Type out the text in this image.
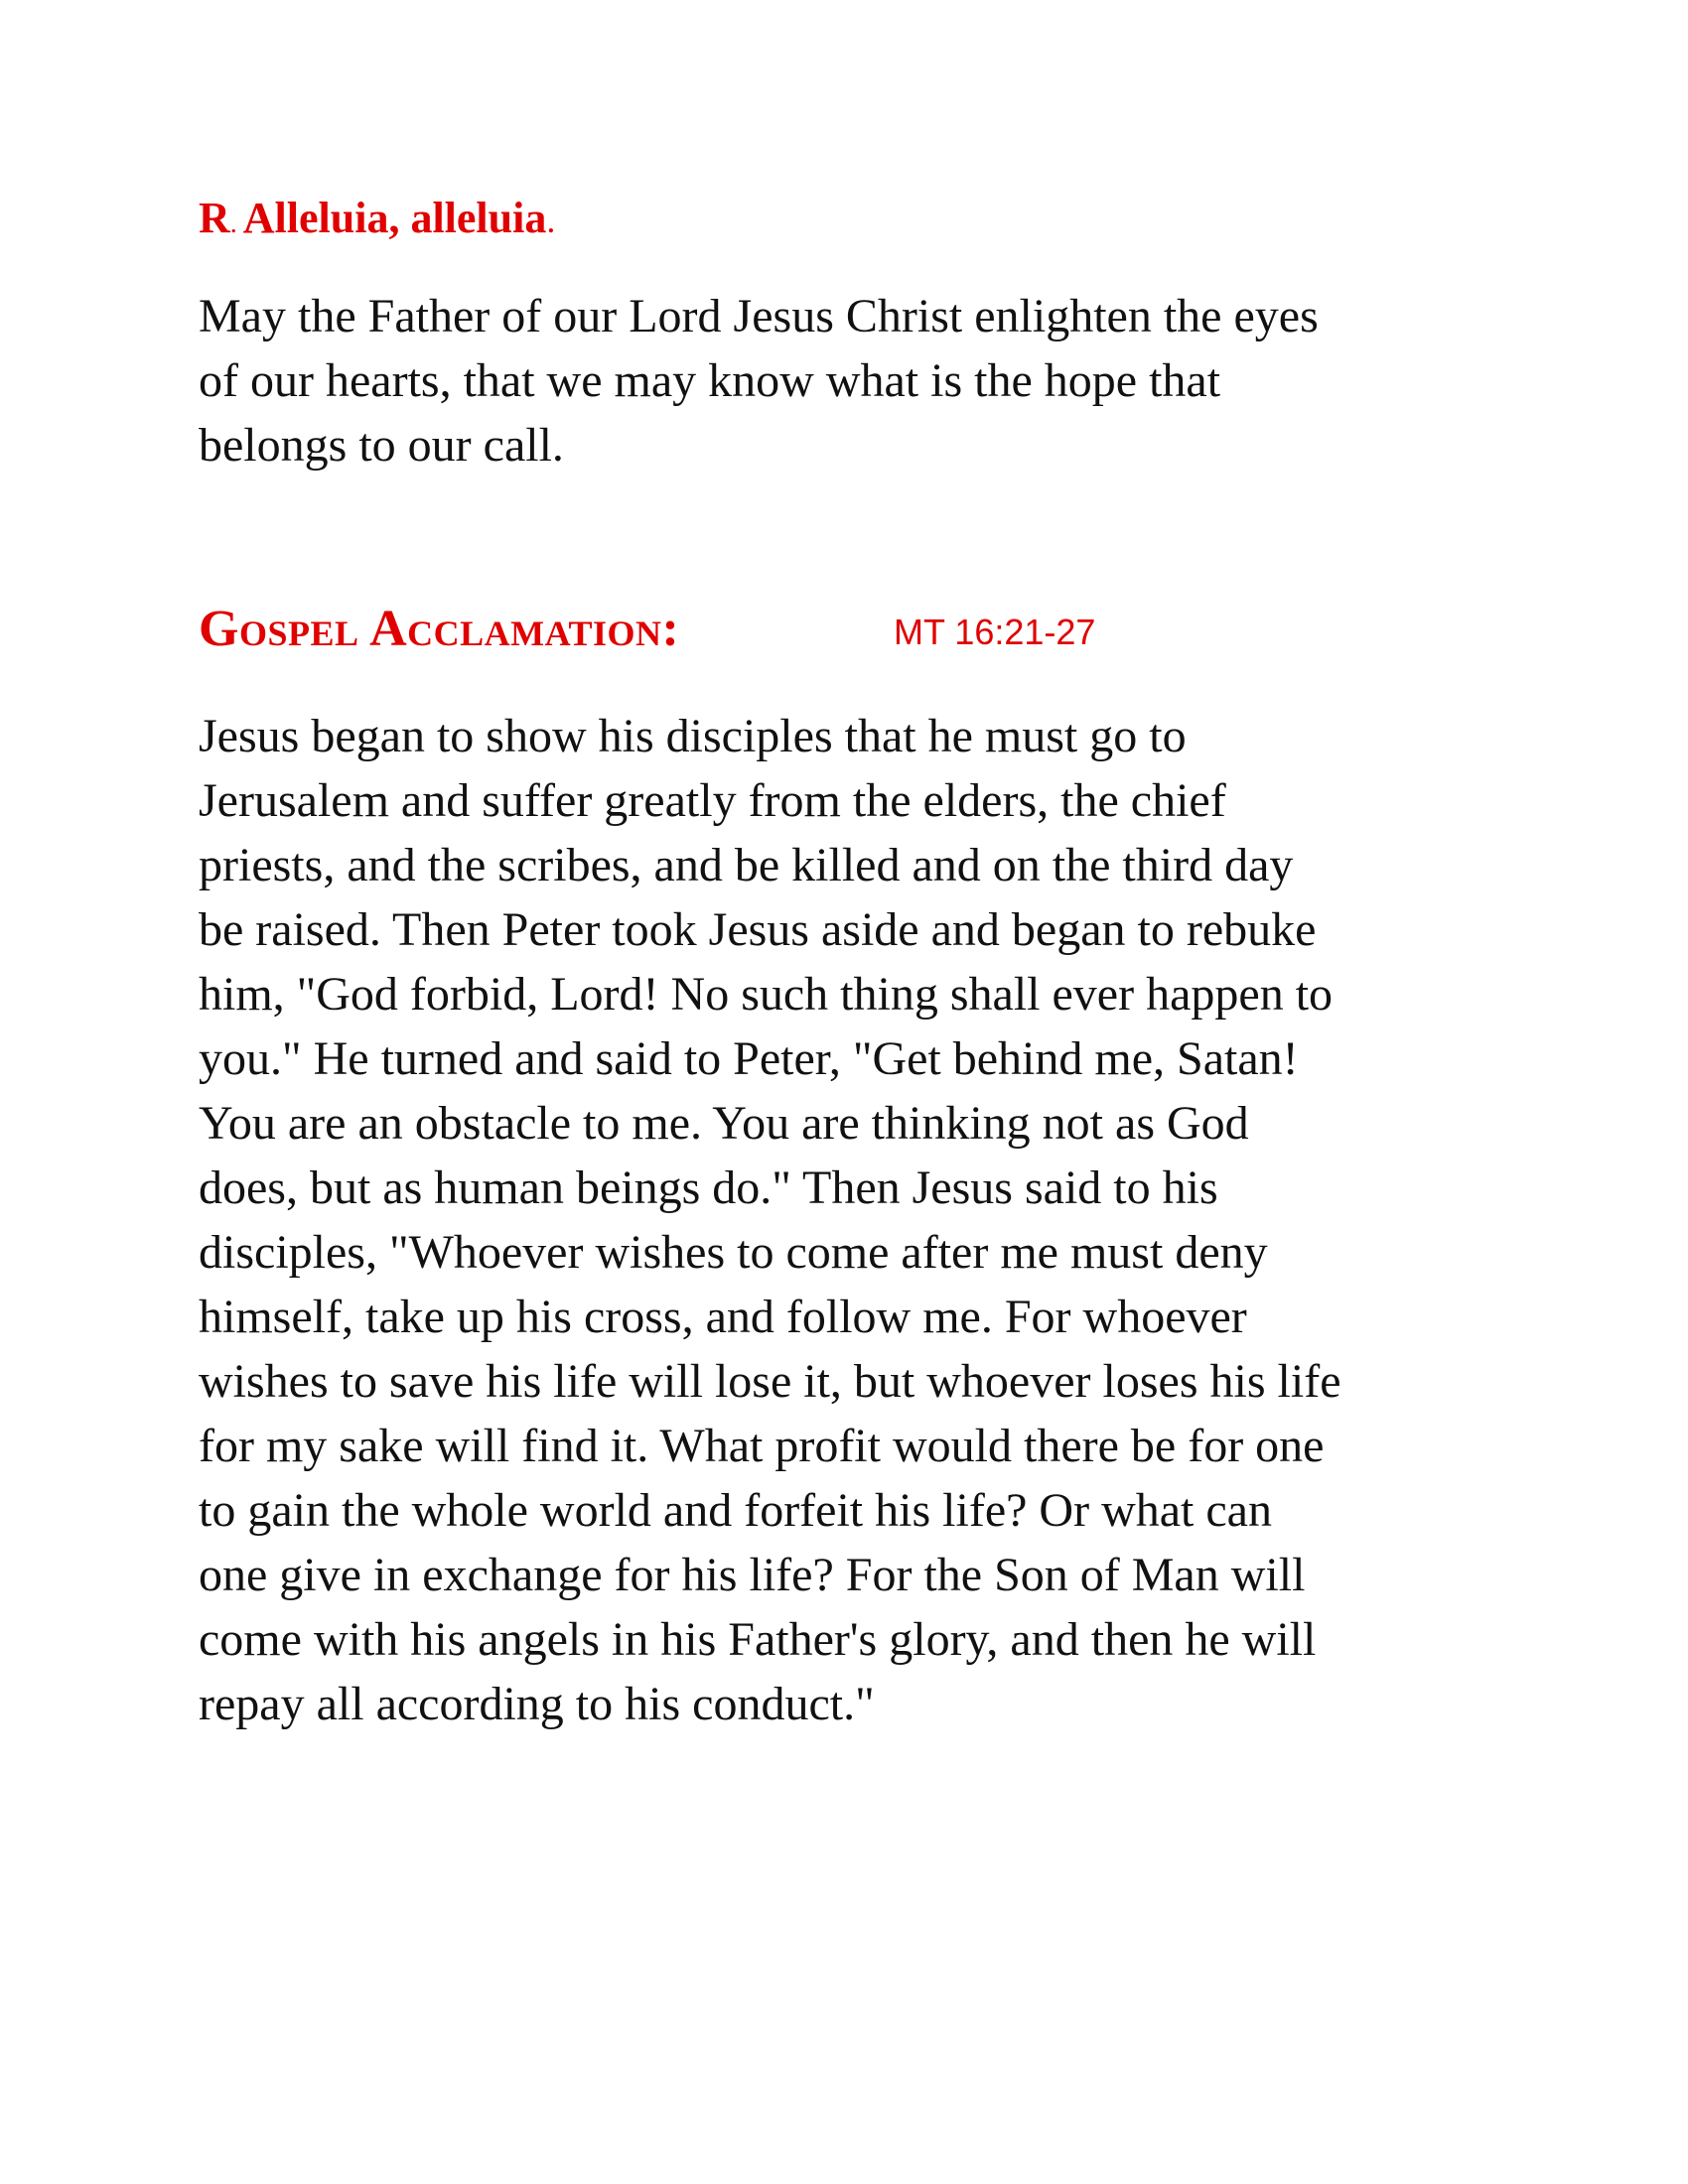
R. Alleluia, alleluia.

May the Father of our Lord Jesus Christ enlighten the eyes
of our hearts, that we may know what is the hope that
belongs to our call.

Gospel Acclamation:	MT 16:21-27

Jesus began to show his disciples that he must go to
Jerusalem and suffer greatly from the elders, the chief
priests, and the scribes, and be killed and on the third day
be raised. Then Peter took Jesus aside and began to rebuke
him, "God forbid, Lord! No such thing shall ever happen to
you." He turned and said to Peter, "Get behind me, Satan!
You are an obstacle to me. You are thinking not as God
does, but as human beings do." Then Jesus said to his
disciples, "Whoever wishes to come after me must deny
himself, take up his cross, and follow me. For whoever
wishes to save his life will lose it, but whoever loses his life
for my sake will find it. What profit would there be for one
to gain the whole world and forfeit his life? Or what can
one give in exchange for his life? For the Son of Man will
come with his angels in his Father's glory, and then he will
repay all according to his conduct."
